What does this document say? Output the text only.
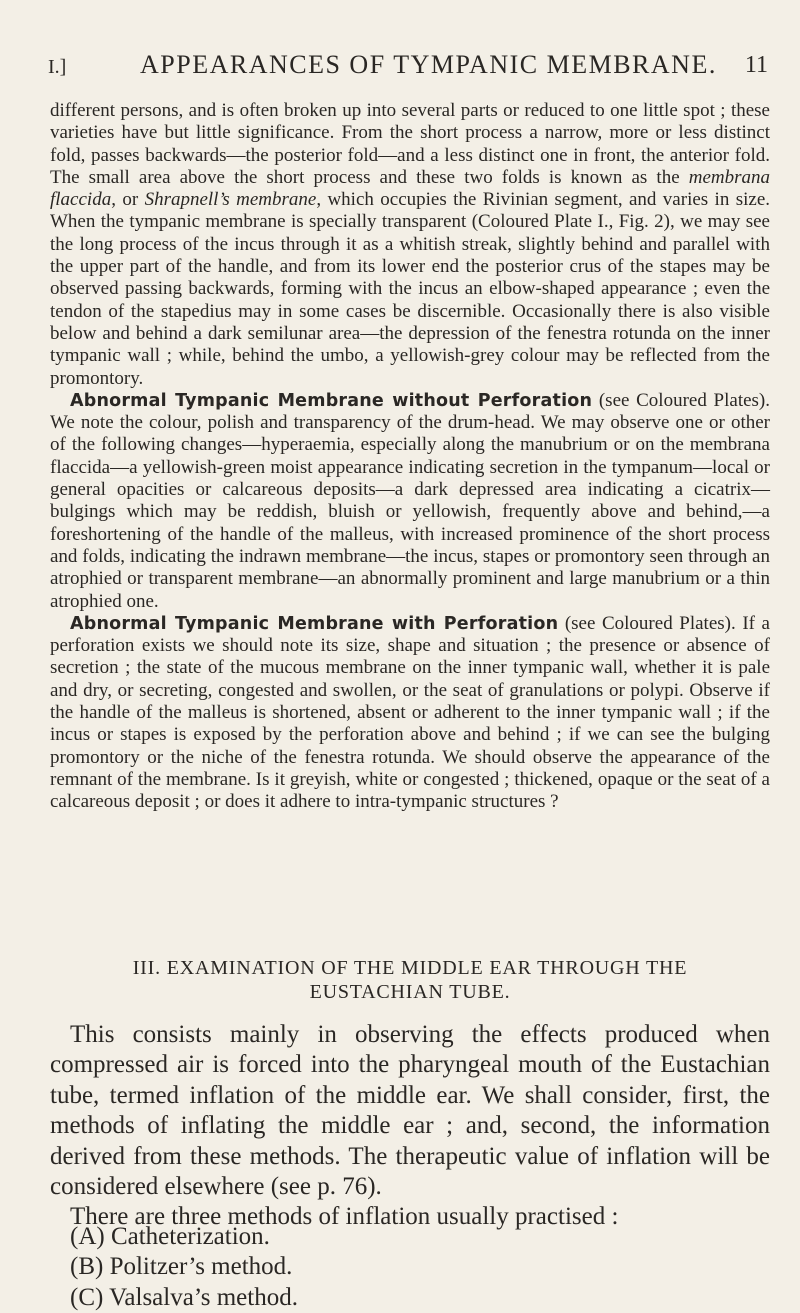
I.]	APPEARANCES OF TYMPANIC MEMBRANE. 11

different persons, and is often broken up into several parts or reduced to one little spot ; these varieties have but little significance. From the short process a narrow, more or less distinct fold, passes backwards—the posterior fold—and a less distinct one in front, the anterior fold. The small area above the short process and these two folds is known as the membrana flaccida, or Shrapnell’s membrane, which occupies the Rivinian segment, and varies in size. When the tympanic membrane is specially transparent (Coloured Plate I., Fig. 2), we may see the long process of the incus through it as a whitish streak, slightly behind and parallel with the upper part of the handle, and from its lower end the posterior crus of the stapes may be observed passing backwards, forming with the incus an elbow-shaped appearance ; even the tendon of the stapedius may in some cases be discernible. Occasionally there is also visible below and behind a dark semilunar area—the depression of the fenestra rotunda on the inner tympanic wall ; while, behind the umbo, a yellowish-grey colour may be reflected from the promontory.

Abnormal Tympanic Membrane without Perforation (see Coloured Plates). We note the colour, polish and transparency of the drum-head. We may observe one or other of the following changes—hyperaemia, especially along the manubrium or on the membrana flaccida—a yellowish-green moist appearance indicating secretion in the tympanum—local or general opacities or calcareous deposits—a dark depressed area indicating a cicatrix—bulgings which may be reddish, bluish or yellowish, frequently above and behind,—a foreshortening of the handle of the malleus, with increased prominence of the short process and folds, indicating the indrawn membrane—the incus, stapes or promontory seen through an atrophied or transparent membrane—an abnormally prominent and large manubrium or a thin atrophied one.

Abnormal Tympanic Membrane with Perforation (see Coloured Plates). If a perforation exists we should note its size, shape and situation ; the presence or absence of secretion ; the state of the mucous membrane on the inner tympanic wall, whether it is pale and dry, or secreting, congested and swollen, or the seat of granulations or polypi. Observe if the handle of the malleus is shortened, absent or adherent to the inner tympanic wall ; if the incus or stapes is exposed by the perforation above and behind ; if we can see the bulging promontory or the niche of the fenestra rotunda. We should observe the appearance of the remnant of the membrane. Is it greyish, white or congested ; thickened, opaque or the seat of a calcareous deposit ; or does it adhere to intra-tympanic structures ?

III. EXAMINATION OF THE MIDDLE EAR THROUGH THE
EUSTACHIAN TUBE.
This consists mainly in observing the effects produced when compressed air is forced into the pharyngeal mouth of the Eustachian tube, termed inflation of the middle ear. We shall consider, first, the methods of inflating the middle ear ; and, second, the information derived from these methods. The therapeutic value of inflation will be considered elsewhere (see p. 76).
There are three methods of inflation usually practised :
(A) Catheterization.
(B) Politzer’s method.
(C) Valsalva’s method.
